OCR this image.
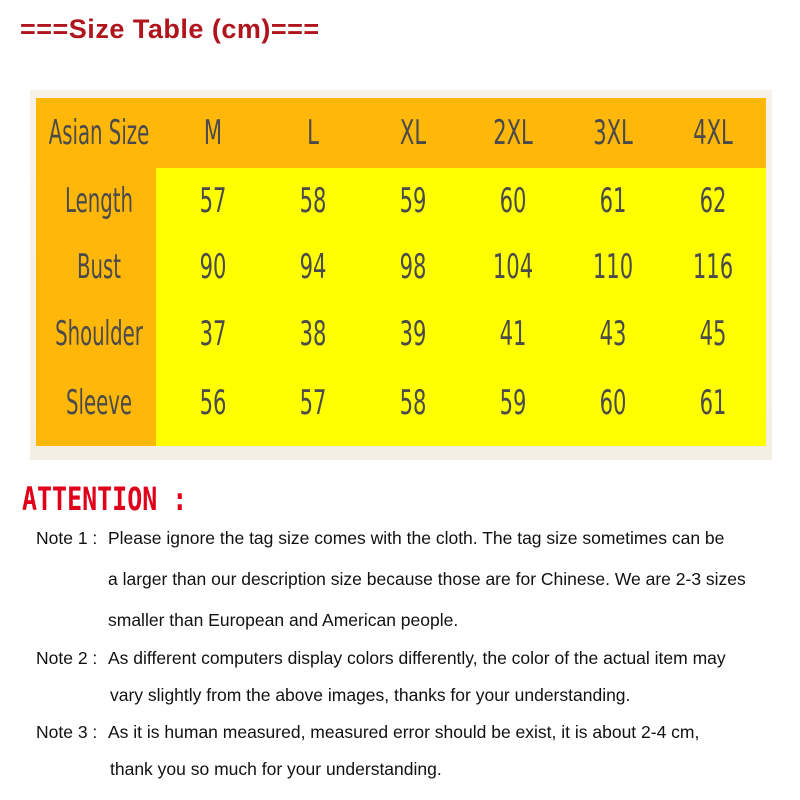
===Size Table (cm)===
Asian Size	M	L	XL	2XL	3XL	4XL
Length	57	58	59	60	61	62
Bust	90	94	98	104	110	116
Shoulder	37	38	39	41	43	45
Sleeve	56	57	58	59	60	61
ATTENTION :
Note 1 : Please ignore the tag size comes with the cloth. The tag size sometimes can be
a larger than our description size because those are for Chinese. We are 2-3 sizes
smaller than European and American people.
Note 2 : As different computers display colors differently, the color of the actual item may
vary slightly from the above images, thanks for your understanding.
Note 3 : As it is human measured, measured error should be exist, it is about 2-4 cm,
thank you so much for your understanding.
